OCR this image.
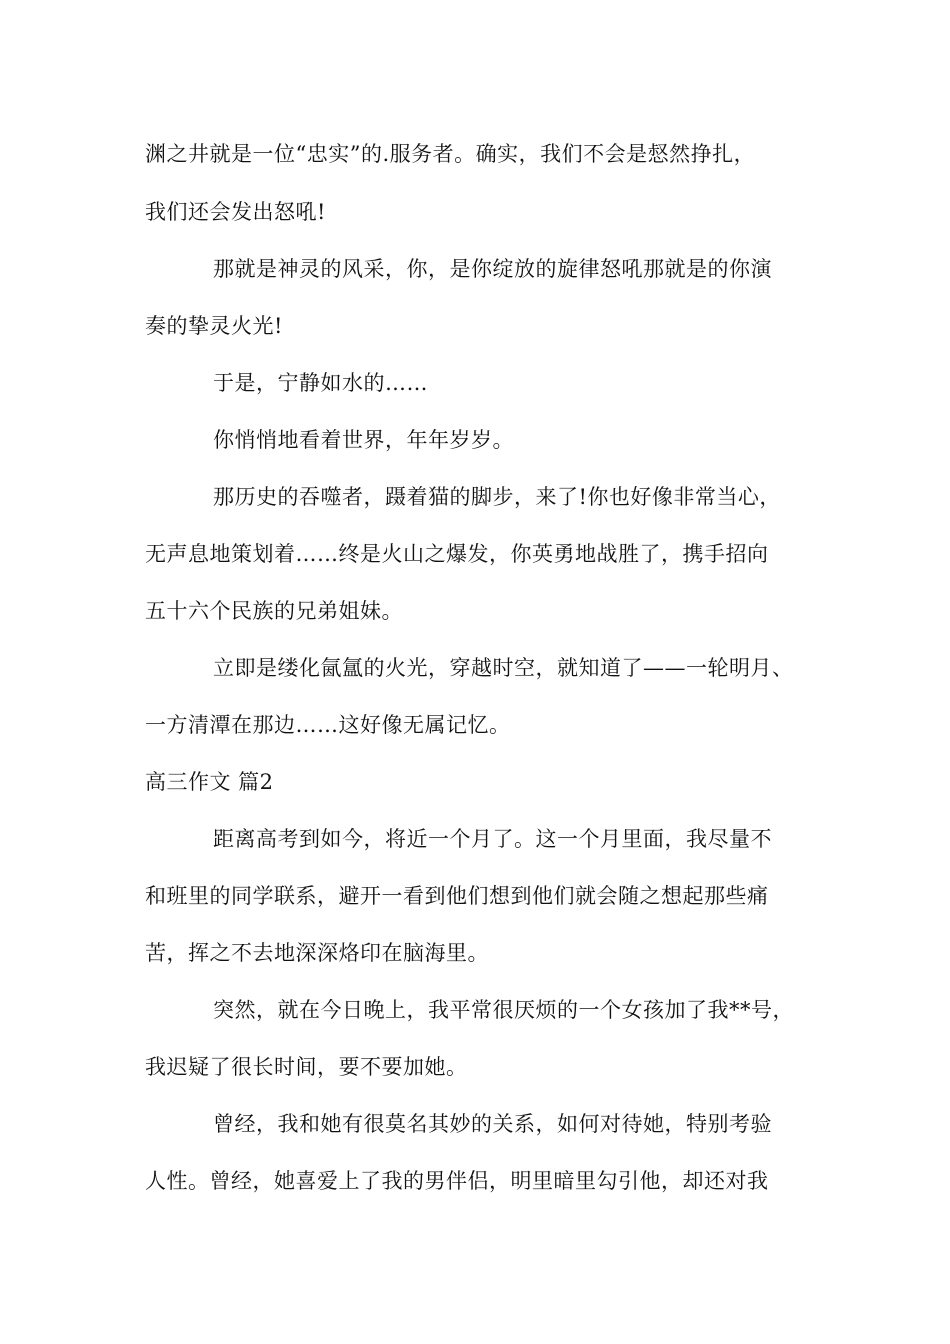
渊之井就是一位“忠实”的.服务者。确实，我们不会是惄然挣扎，
我们还会发出怒吼!
那就是神灵的风采，你，是你绽放的旋律怒吼那就是的你演
奏的挚灵火光!
于是，宁静如水的……
你悄悄地看着世界，年年岁岁。
那历史的吞噬者，蹑着猫的脚步，来了!你也好像非常当心，
无声息地策划着……终是火山之爆发，你英勇地战胜了，携手招向
五十六个民族的兄弟姐妹。
立即是缕化氤氲的火光，穿越时空，就知道了——一轮明月、
一方清潭在那边……这好像无属记忆。
高三作文 篇2
距离高考到如今，将近一个月了。这一个月里面，我尽量不
和班里的同学联系，避开一看到他们想到他们就会随之想起那些痛
苦，挥之不去地深深烙印在脑海里。
突然，就在今日晚上，我平常很厌烦的一个女孩加了我**号，
我迟疑了很长时间，要不要加她。
曾经，我和她有很莫名其妙的关系，如何对待她，特别考验
人性。曾经，她喜爱上了我的男伴侣，明里暗里勾引他，却还对我
